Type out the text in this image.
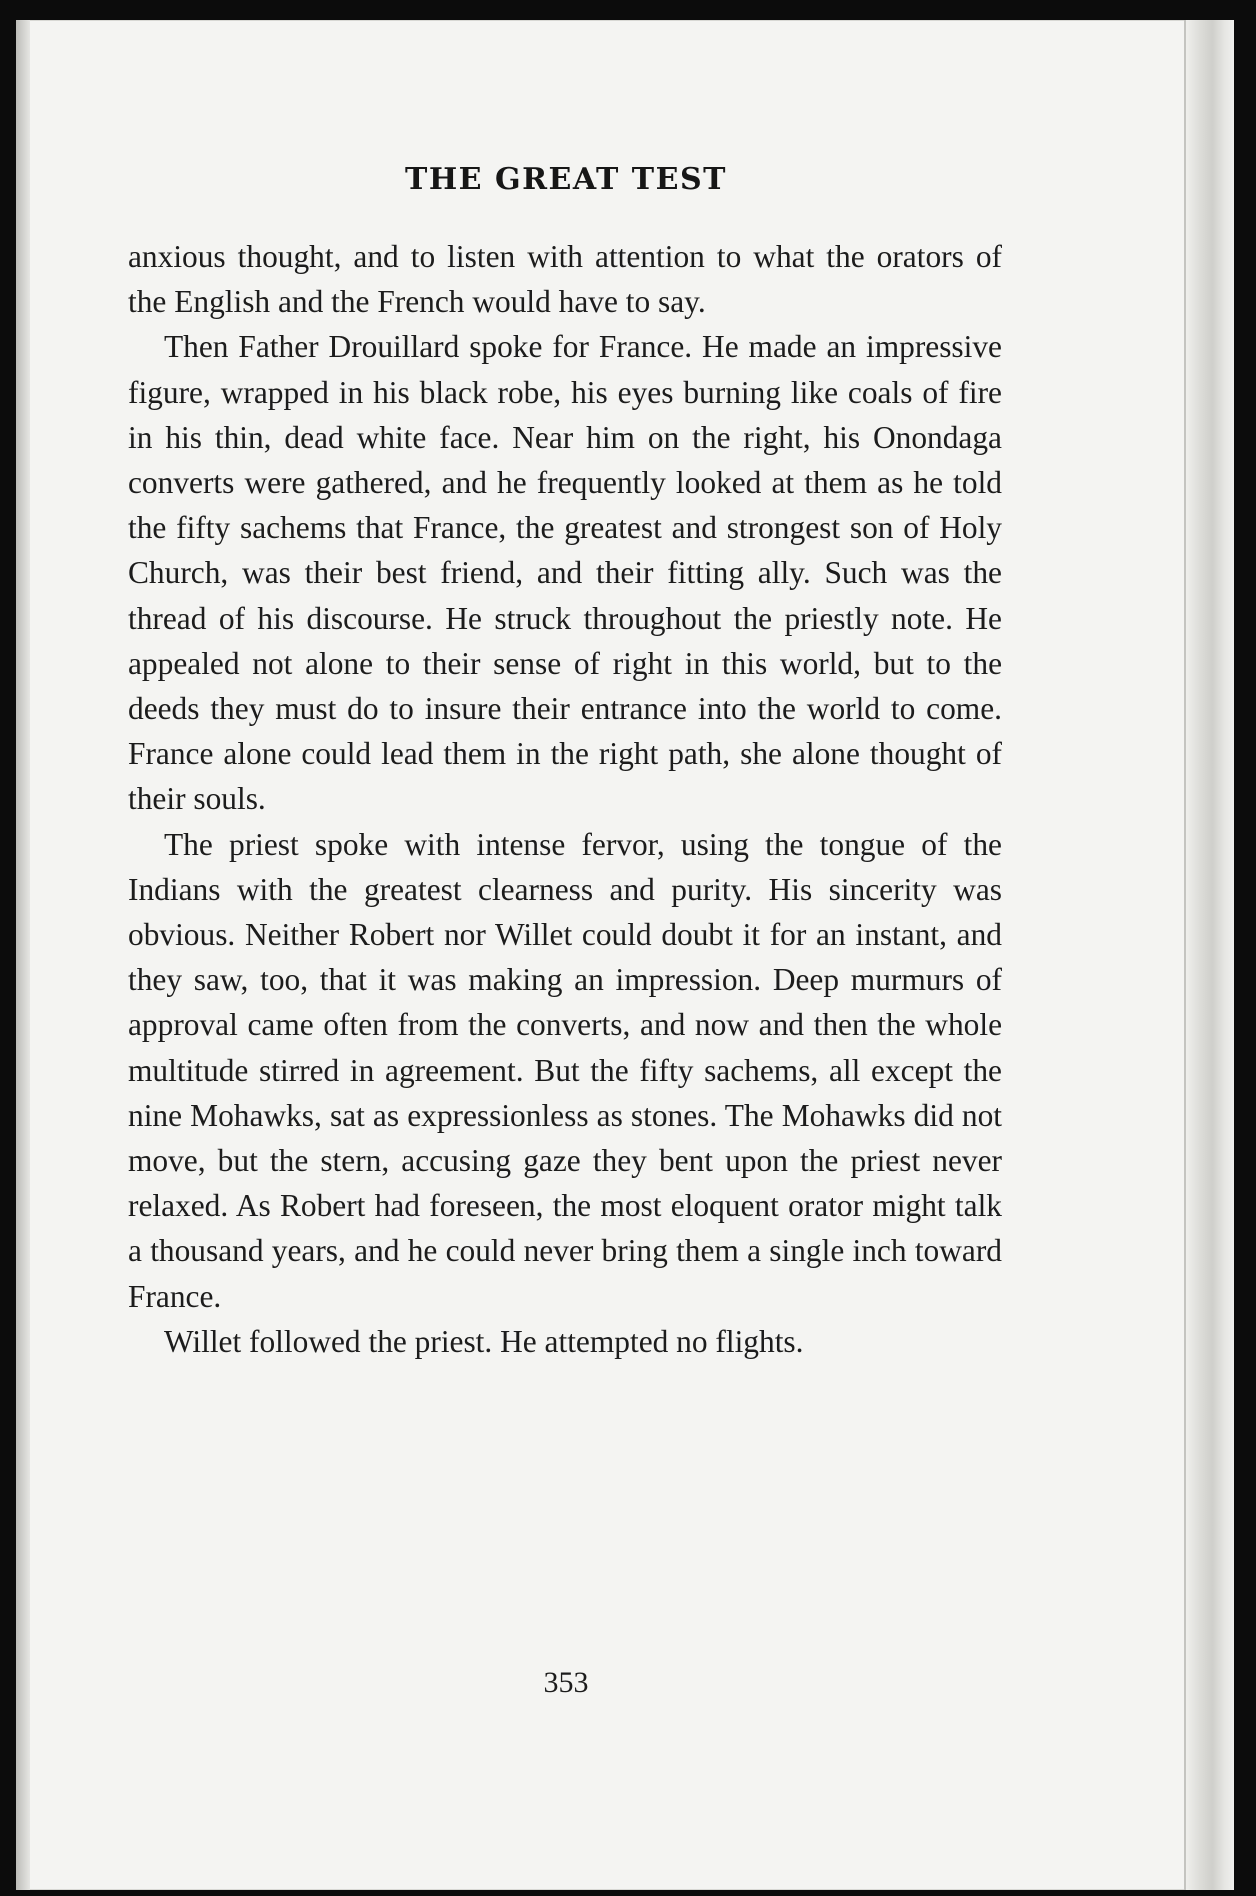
THE GREAT TEST

anxious thought, and to listen with attention to what the orators of the English and the French would have to say.

Then Father Drouillard spoke for France. He made an impressive figure, wrapped in his black robe, his eyes burning like coals of fire in his thin, dead white face. Near him on the right, his Onondaga converts were gathered, and he frequently looked at them as he told the fifty sachems that France, the greatest and strongest son of Holy Church, was their best friend, and their fitting ally. Such was the thread of his discourse. He struck throughout the priestly note. He appealed not alone to their sense of right in this world, but to the deeds they must do to insure their entrance into the world to come. France alone could lead them in the right path, she alone thought of their souls.

The priest spoke with intense fervor, using the tongue of the Indians with the greatest clearness and purity. His sincerity was obvious. Neither Robert nor Willet could doubt it for an instant, and they saw, too, that it was making an impression. Deep murmurs of approval came often from the converts, and now and then the whole multitude stirred in agreement. But the fifty sachems, all except the nine Mohawks, sat as expressionless as stones. The Mohawks did not move, but the stern, accusing gaze they bent upon the priest never relaxed. As Robert had foreseen, the most eloquent orator might talk a thousand years, and he could never bring them a single inch toward France.

Willet followed the priest. He attempted no flights.

353
